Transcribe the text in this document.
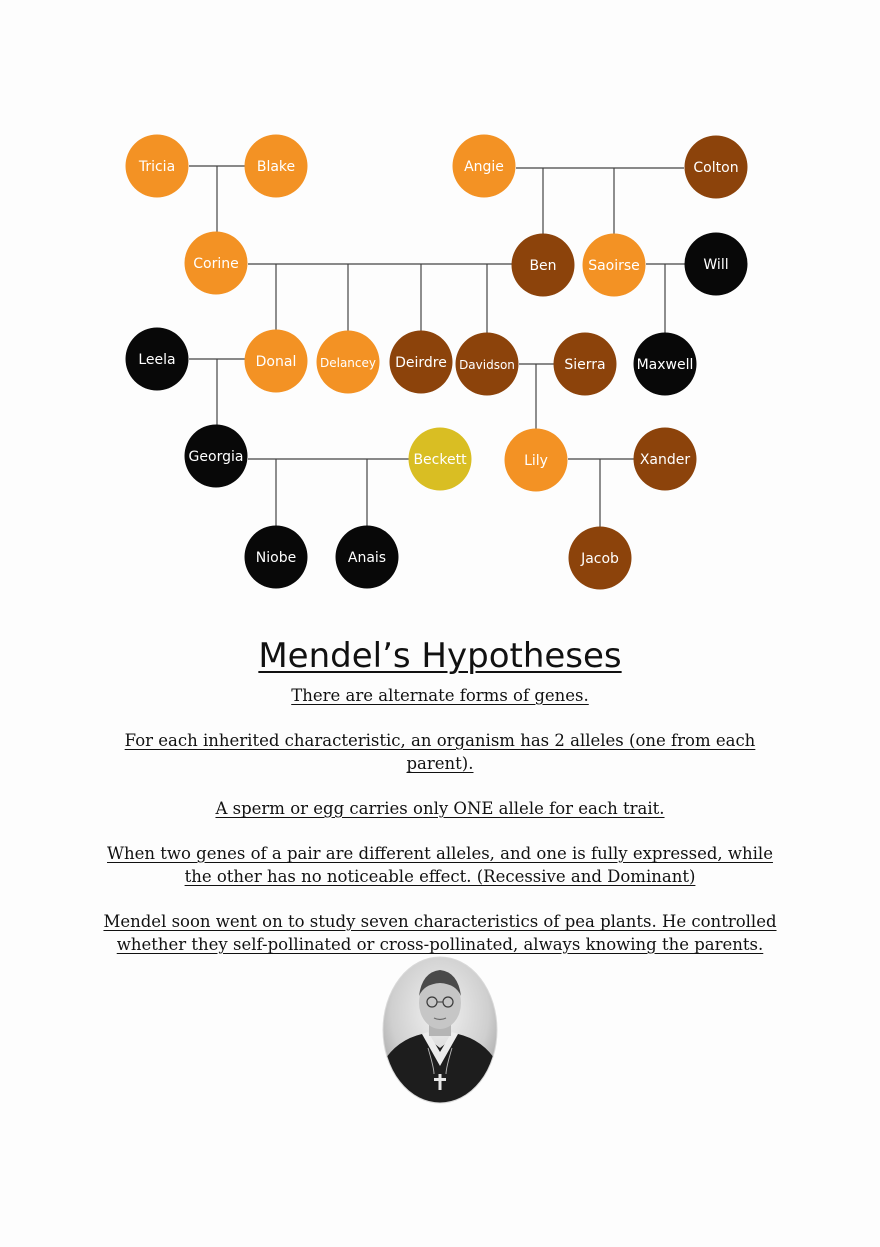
Tricia	Blake	Angie	Colton
Corine	Ben Saoirse	Will
Leela	Donal Delancey Deirdre Davidson	Sierra Maxwell
Georgia	Beckett	Lily	Xander
Niobe	Anais	Jacob
Mendel’s Hypotheses

There are alternate forms of genes.

For each inherited characteristic, an organism has 2 alleles (one from each parent).

A sperm or egg carries only ONE allele for each trait.

When two genes of a pair are different alleles, and one is fully expressed, while the other has no noticeable effect. (Recessive and Dominant)

Mendel soon went on to study seven characteristics of pea plants. He controlled whether they self-pollinated or cross-pollinated, always knowing the parents.
